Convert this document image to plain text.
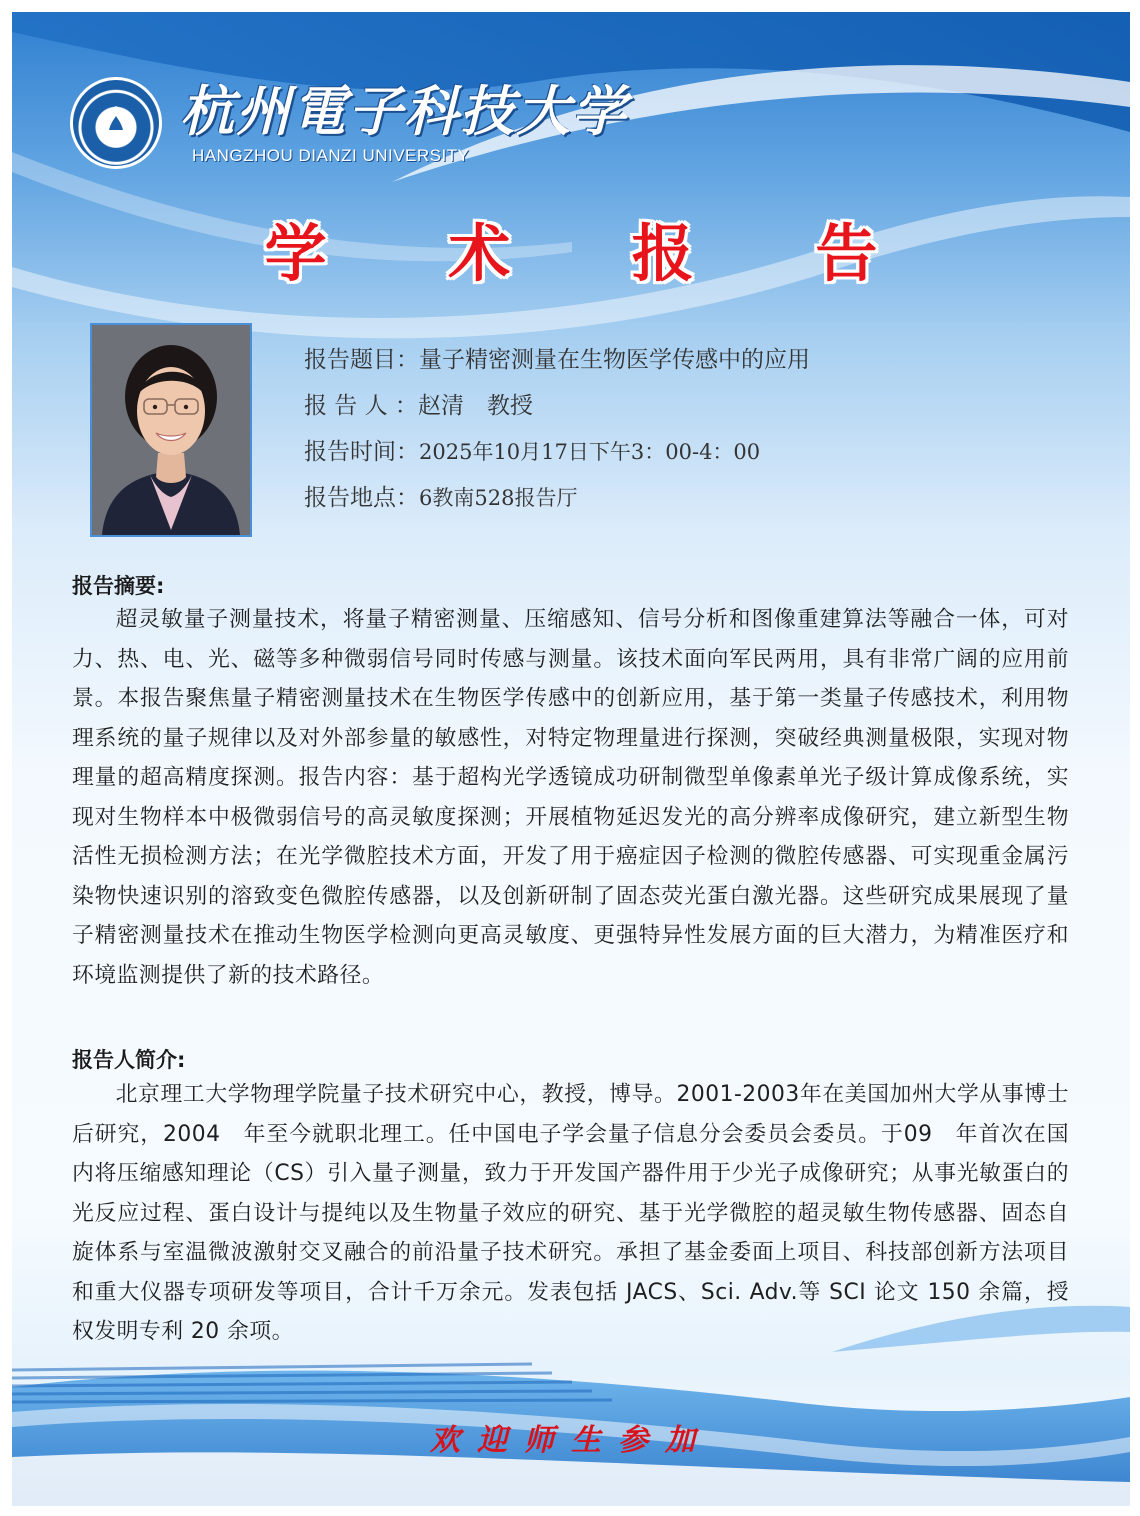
杭州電子科技大学
HANGZHOU DIANZI UNIVERSITY
学 术 报 告
报告题目：量子精密测量在生物医学传感中的应用
报 告 人 ：赵清　教授
报告时间：2025年10月17日下午3：00-4：00
报告地点：6教南528报告厅
报告摘要:

超灵敏量子测量技术，将量子精密测量、压缩感知、信号分析和图像重建算法等融合一体，可对力、热、电、光、磁等多种微弱信号同时传感与测量。该技术面向军民两用，具有非常广阔的应用前景。本报告聚焦量子精密测量技术在生物医学传感中的创新应用，基于第一类量子传感技术，利用物理系统的量子规律以及对外部参量的敏感性，对特定物理量进行探测，突破经典测量极限，实现对物理量的超高精度探测。报告内容：基于超构光学透镜成功研制微型单像素单光子级计算成像系统，实现对生物样本中极微弱信号的高灵敏度探测；开展植物延迟发光的高分辨率成像研究，建立新型生物活性无损检测方法；在光学微腔技术方面，开发了用于癌症因子检测的微腔传感器、可实现重金属污染物快速识别的溶致变色微腔传感器，以及创新研制了固态荧光蛋白激光器。这些研究成果展现了量子精密测量技术在推动生物医学检测向更高灵敏度、更强特异性发展方面的巨大潜力，为精准医疗和环境监测提供了新的技术路径。

报告人简介:

北京理工大学物理学院量子技术研究中心，教授，博导。2001-2003年在美国加州大学从事博士后研究，2004　年至今就职北理工。任中国电子学会量子信息分会委员会委员。于09　年首次在国内将压缩感知理论（CS）引入量子测量，致力于开发国产器件用于少光子成像研究；从事光敏蛋白的光反应过程、蛋白设计与提纯以及生物量子效应的研究、基于光学微腔的超灵敏生物传感器、固态自旋体系与室温微波激射交叉融合的前沿量子技术研究。承担了基金委面上项目、科技部创新方法项目和重大仪器专项研发等项目，合计千万余元。发表包括 JACS、Sci. Adv.等 SCI 论文 150 余篇，授权发明专利 20 余项。

欢迎师生参加
